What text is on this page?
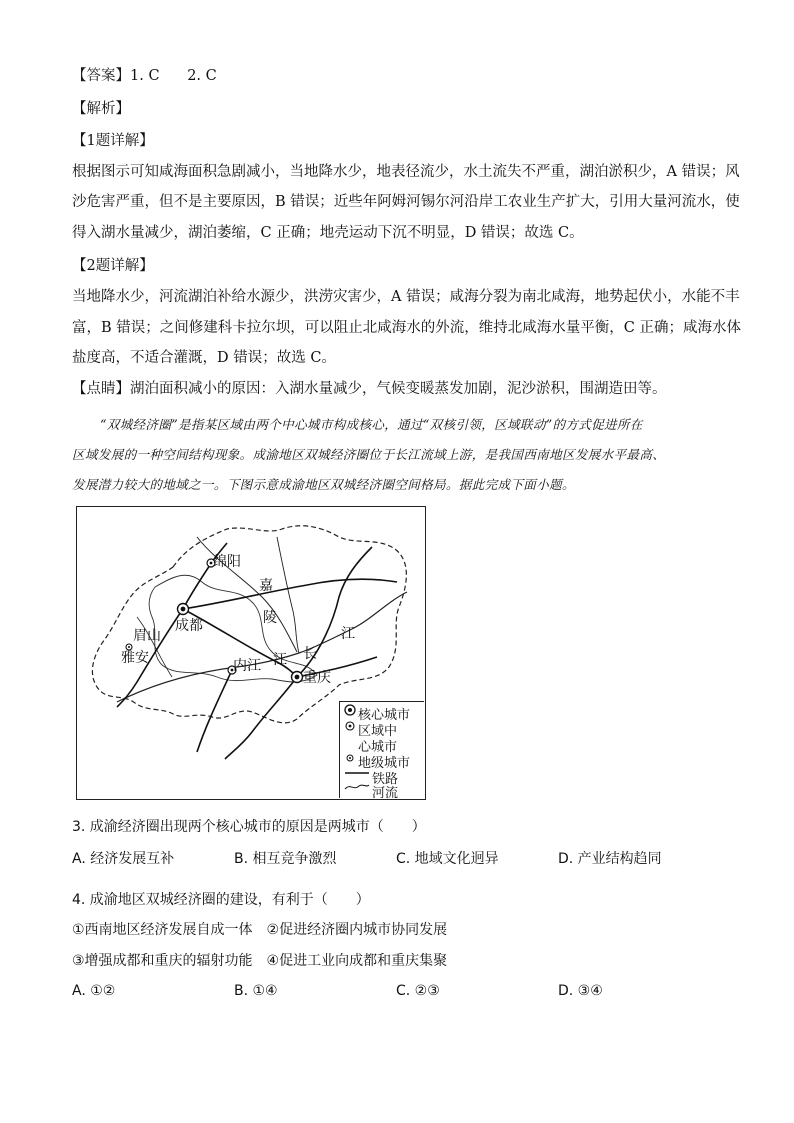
【答案】1. C      2. C
【解析】
【1题详解】
根据图示可知咸海面积急剧减小，当地降水少，地表径流少，水土流失不严重，湖泊淤积少，A 错误；风
沙危害严重，但不是主要原因，B 错误；近些年阿姆河锡尔河沿岸工农业生产扩大，引用大量河流水，使
得入湖水量减少，湖泊萎缩，C 正确；地壳运动下沉不明显，D 错误；故选 C。
【2题详解】
当地降水少，河流湖泊补给水源少，洪涝灾害少，A 错误；咸海分裂为南北咸海，地势起伏小，水能不丰
富，B 错误；之间修建科卡拉尔坝，可以阻止北咸海水的外流，维持北咸海水量平衡，C 正确；咸海水体
盐度高，不适合灌溉，D 错误；故选 C。
【点睛】湖泊面积减小的原因：入湖水量减少，气候变暖蒸发加剧，泥沙淤积，围湖造田等。
“双城经济圈”是指某区域由两个中心城市构成核心，通过“双核引领，区域联动”的方式促进所在
区域发展的一种空间结构现象。成渝地区双城经济圈位于长江流域上游，是我国西南地区发展水平最高、
发展潜力较大的地域之一。下图示意成渝地区双城经济圈空间格局。据此完成下面小题。
绵阳
成都
眉山
雅安	内江
重庆
嘉
陵
江 长
江
核心城市
区域中
心城市
地级城市
铁路
河流
3. 成渝经济圈出现两个核心城市的原因是两城市（　　）
A. 经济发展互补	B. 相互竞争激烈	C. 地域文化迥异	D. 产业结构趋同
4. 成渝地区双城经济圈的建设，有利于（　　）
①西南地区经济发展自成一体　②促进经济圈内城市协同发展
③增强成都和重庆的辐射功能　④促进工业向成都和重庆集聚
A. ①②	B. ①④	C. ②③	D. ③④
